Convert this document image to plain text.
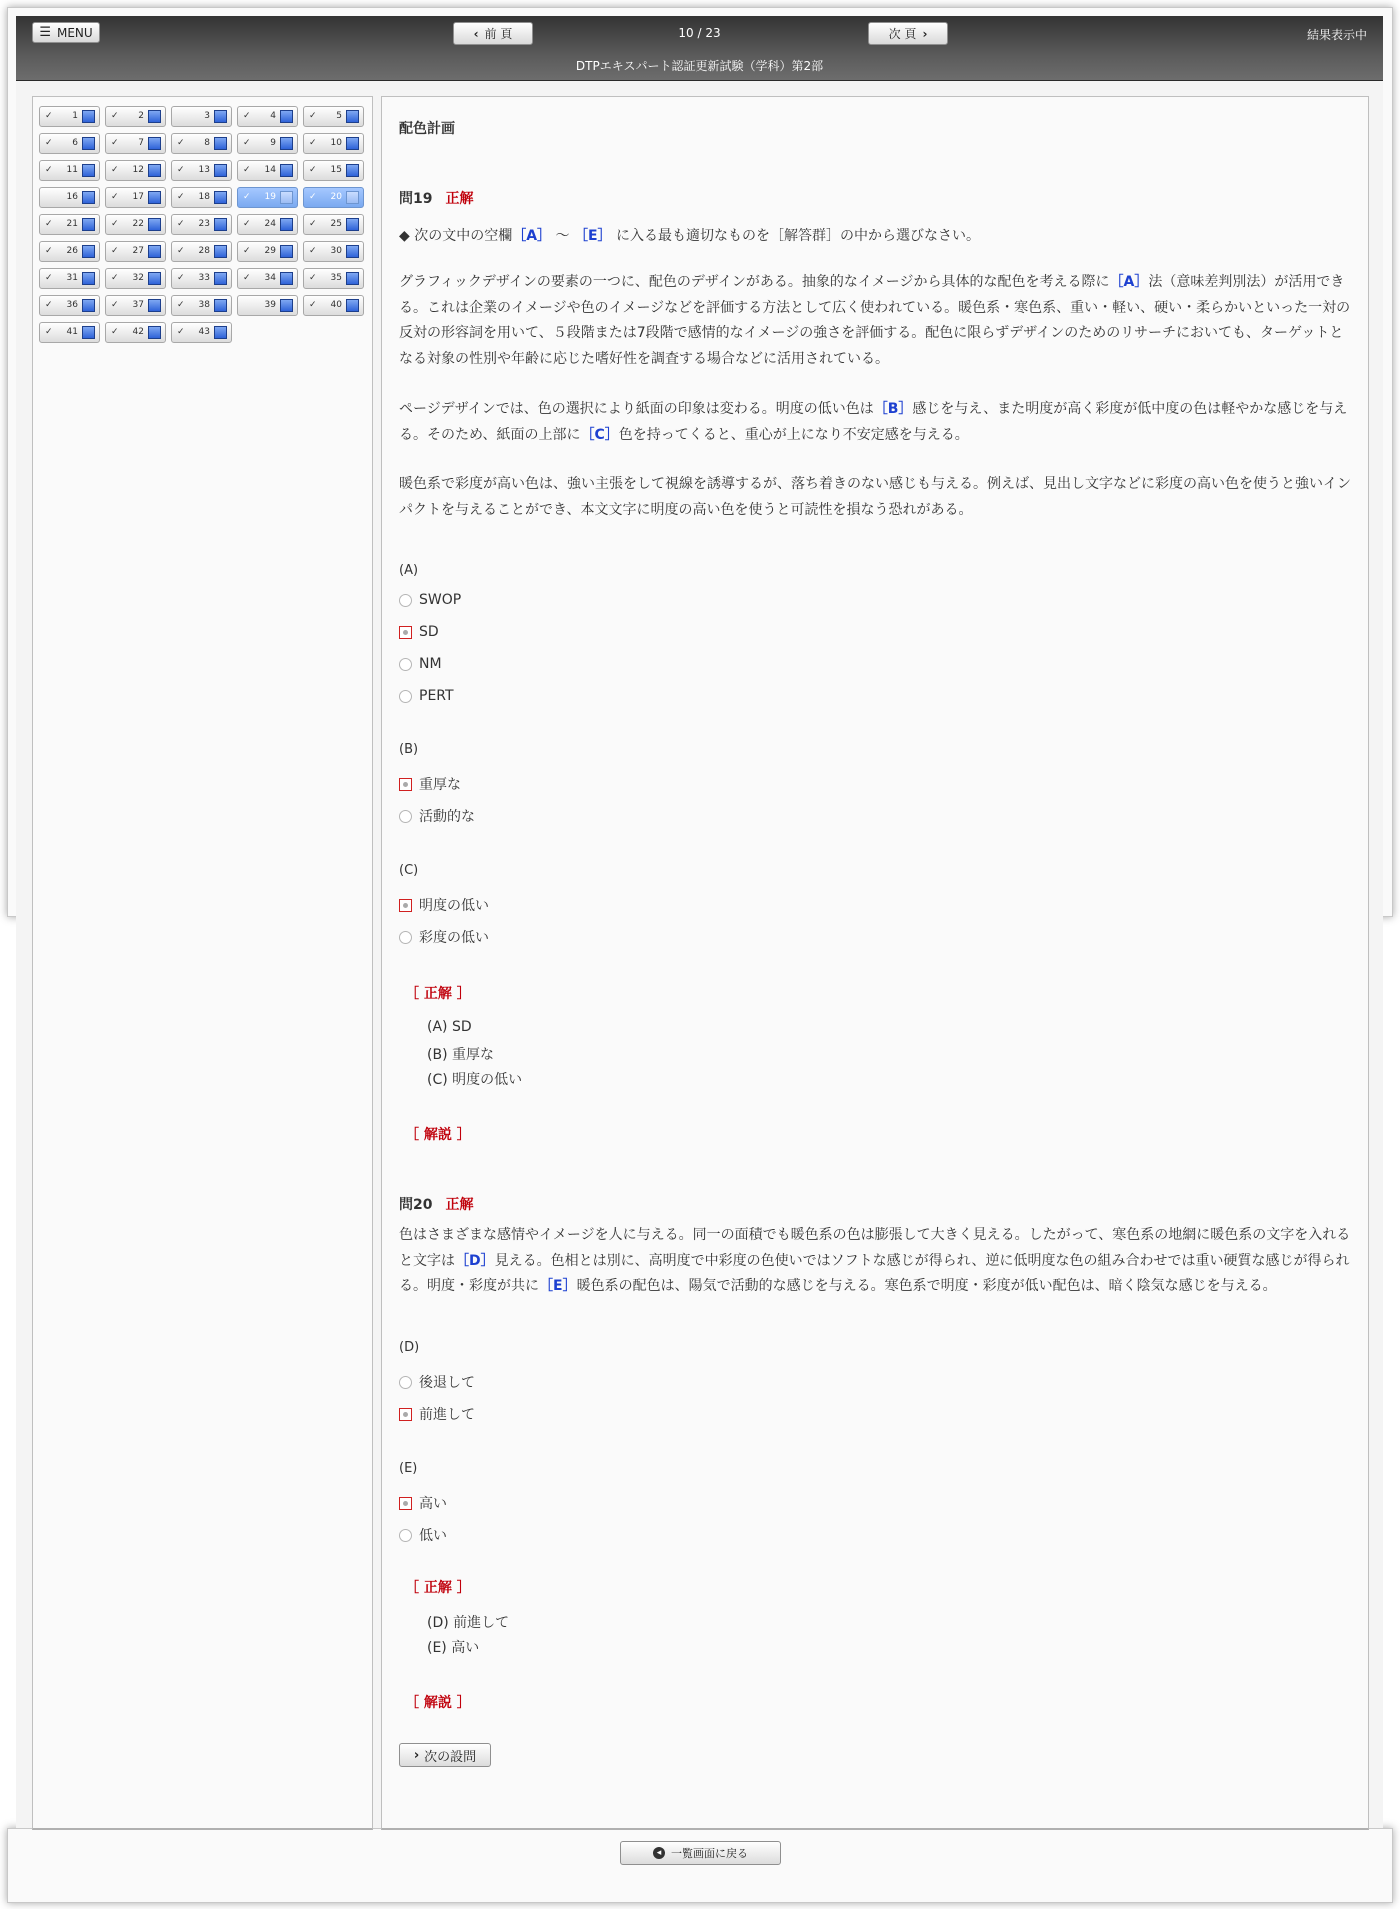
☰ MENU	‹ 前 頁	10 / 23	次 頁 ›	結果表示中
DTPエキスパート認証更新試験（学科）第2部
✓ 1	✓ 2	3	✓ 4	✓ 5
✓ 6	✓ 7	✓ 8	✓ 9	✓ 10
✓ 11	✓ 12	✓ 13	✓ 14	✓ 15
16	✓ 17	✓ 18	✓ 19	✓ 20
✓ 21	✓ 22	✓ 23	✓ 24	✓ 25
✓ 26	✓ 27	✓ 28	✓ 29	✓ 30
✓ 31	✓ 32	✓ 33	✓ 34	✓ 35
✓ 36	✓ 37	✓ 38	39	✓ 40
✓ 41	✓ 42	✓ 43
配色計画
問19 正解
◆ 次の文中の空欄［A］ 〜 ［E］ に入る最も適切なものを［解答群］の中から選びなさい。
グラフィックデザインの要素の一つに、配色のデザインがある。抽象的なイメージから具体的な配色を考える際に［A］法（意味差判別法）が活用できる。これは企業のイメージや色のイメージなどを評価する方法として広く使われている。暖色系・寒色系、重い・軽い、硬い・柔らかいといった一対の反対の形容詞を用いて、５段階または7段階で感情的なイメージの強さを評価する。配色に限らずデザインのためのリサーチにおいても、ターゲットとなる対象の性別や年齢に応じた嗜好性を調査する場合などに活用されている。
ページデザインでは、色の選択により紙面の印象は変わる。明度の低い色は［B］感じを与え、また明度が高く彩度が低中度の色は軽やかな感じを与える。そのため、紙面の上部に［C］色を持ってくると、重心が上になり不安定感を与える。
暖色系で彩度が高い色は、強い主張をして視線を誘導するが、落ち着きのない感じも与える。例えば、見出し文字などに彩度の高い色を使うと強いインパクトを与えることができ、本文文字に明度の高い色を使うと可読性を損なう恐れがある。
(A)
SWOP
SD
NM
PERT
(B)
重厚な
活動的な
(C)
明度の低い
彩度の低い
［ 正解 ］
(A) SD
(B) 重厚な
(C) 明度の低い
［ 解説 ］
問20 正解
色はさまざまな感情やイメージを人に与える。同一の面積でも暖色系の色は膨張して大きく見える。したがって、寒色系の地網に暖色系の文字を入れると文字は［D］見える。色相とは別に、高明度で中彩度の色使いではソフトな感じが得られ、逆に低明度な色の組み合わせでは重い硬質な感じが得られる。明度・彩度が共に［E］暖色系の配色は、陽気で活動的な感じを与える。寒色系で明度・彩度が低い配色は、暗く陰気な感じを与える。
(D)
後退して
前進して
(E)
高い
低い
［ 正解 ］
(D) 前進して
(E) 高い
［ 解説 ］
› 次の設問
◂ 一覧画面に戻る
